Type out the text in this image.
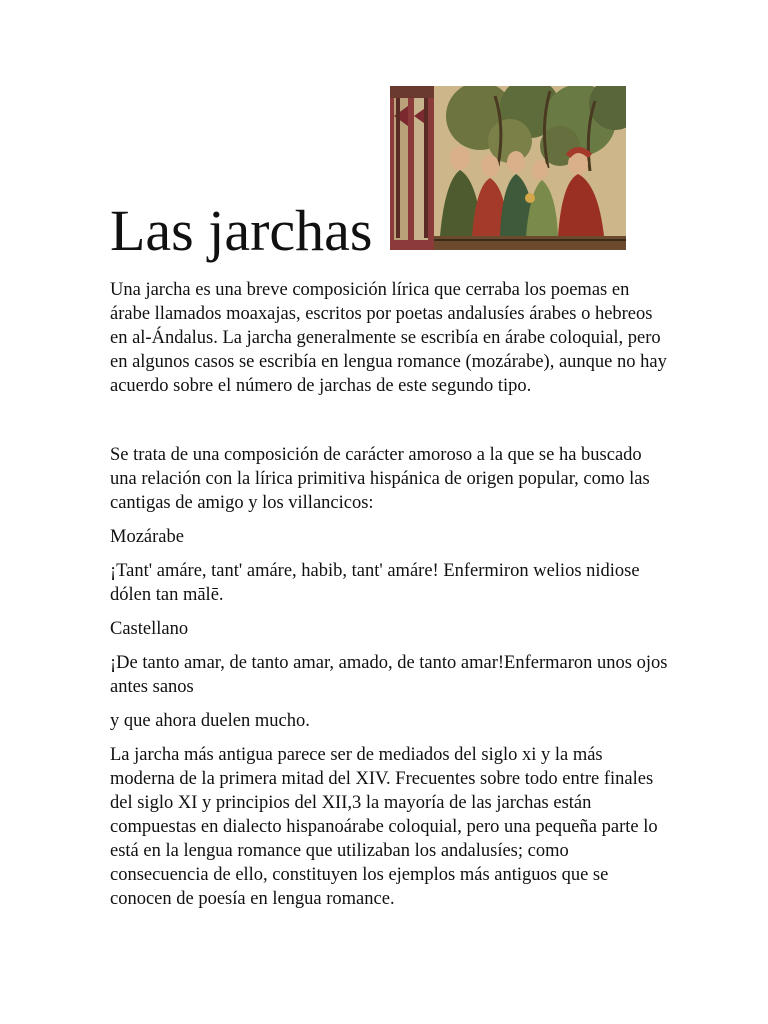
Las jarchas

Una jarcha es una breve composición lírica que cerraba los poemas en árabe llamados moaxajas, escritos por poetas andalusíes árabes o hebreos en al-Ándalus. La jarcha generalmente se escribía en árabe coloquial, pero en algunos casos se escribía en lengua romance (mozárabe), aunque no hay acuerdo sobre el número de jarchas de este segundo tipo.

Se trata de una composición de carácter amoroso a la que se ha buscado una relación con la lírica primitiva hispánica de origen popular, como las cantigas de amigo y los villancicos:

Mozárabe

¡Tant' amáre, tant' amáre, habib, tant' amáre! Enfermiron welios nidiose dólen tan mālē.

Castellano

¡De tanto amar, de tanto amar, amado, de tanto amar!Enfermaron unos ojos antes sanos

y que ahora duelen mucho.

La jarcha más antigua parece ser de mediados del siglo xi y la más moderna de la primera mitad del XIV. Frecuentes sobre todo entre finales del siglo XI y principios del XII,3 la mayoría de las jarchas están compuestas en dialecto hispanoárabe coloquial, pero una pequeña parte lo está en la lengua romance que utilizaban los andalusíes; como consecuencia de ello, constituyen los ejemplos más antiguos que se conocen de poesía en lengua romance.
